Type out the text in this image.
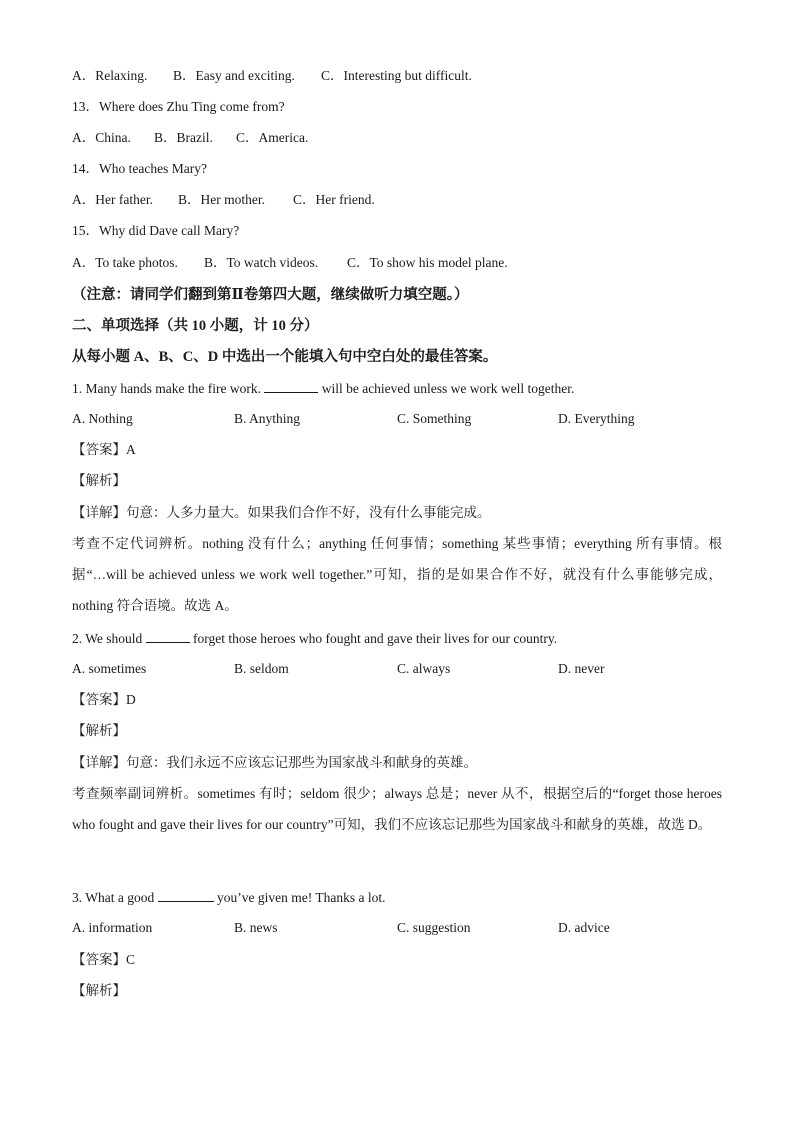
A．Relaxing. B．Easy and exciting. C．Interesting but difficult.
13．Where does Zhu Ting come from?
A．China. B．Brazil. C．America.
14．Who teaches Mary?
A．Her father. B．Her mother. C．Her friend.
15．Why did Dave call Mary?
A．To take photos. B．To watch videos. C．To show his model plane.
（注意：请同学们翻到第Ⅱ卷第四大题，继续做听力填空题。）
二、单项选择（共 10 小题，计 10 分）
从每小题 A、B、C、D 中选出一个能填入句中空白处的最佳答案。
1. Many hands make the fire work.	will be achieved unless we work well together.
A. Nothing	B. Anything	C. Something	D. Everything
【答案】A
【解析】
【详解】句意：人多力量大。如果我们合作不好，没有什么事能完成。
考查不定代词辨析。nothing 没有什么；anything 任何事情；something 某些事情；everything 所有事情。根据“…will be achieved unless we work well together.”可知，指的是如果合作不好，就没有什么事能够完成，nothing 符合语境。故选 A。
2. We should	forget those heroes who fought and gave their lives for our country.
A. sometimes	B. seldom	C. always	D. never
【答案】D
【解析】
【详解】句意：我们永远不应该忘记那些为国家战斗和献身的英雄。
考查频率副词辨析。sometimes 有时；seldom 很少；always 总是；never 从不，根据空后的“forget those heroes who fought and gave their lives for our country”可知，我们不应该忘记那些为国家战斗和献身的英雄，故选 D。
3. What a good	you’ve given me! Thanks a lot.
A. information	B. news	C. suggestion	D. advice
【答案】C
【解析】
